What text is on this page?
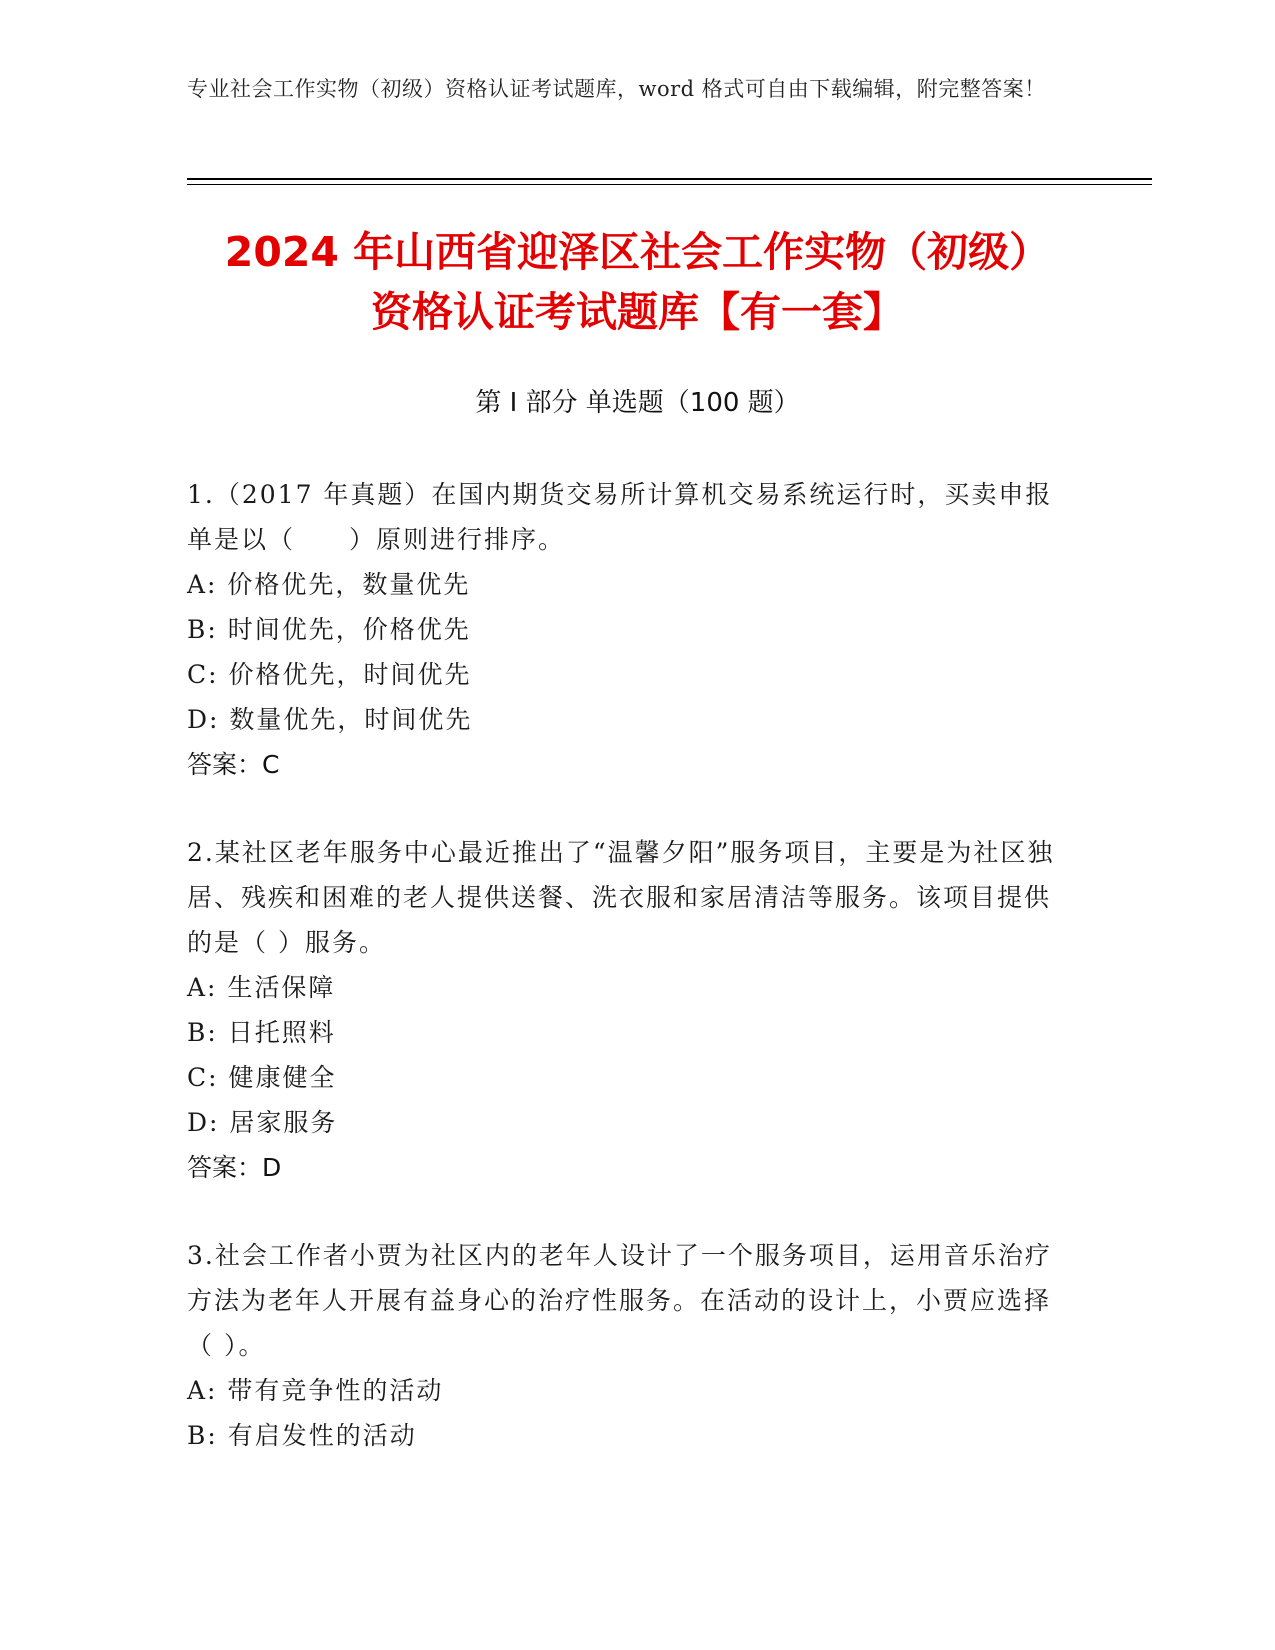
专业社会工作实物（初级）资格认证考试题库，word 格式可自由下载编辑，附完整答案！
2024 年山西省迎泽区社会工作实物（初级）
资格认证考试题库【有一套】
第 I 部分 单选题（100 题）

1.（2017 年真题）在国内期货交易所计算机交易系统运行时，买卖申报单是以（　　）原则进行排序。

A: 价格优先，数量优先

B: 时间优先，价格优先

C: 价格优先，时间优先

D: 数量优先，时间优先

答案：C

2.某社区老年服务中心最近推出了“温馨夕阳”服务项目，主要是为社区独居、残疾和困难的老人提供送餐、洗衣服和家居清洁等服务。该项目提供的是（ ）服务。

A: 生活保障

B: 日托照料

C: 健康健全

D: 居家服务

答案：D

3.社会工作者小贾为社区内的老年人设计了一个服务项目，运用音乐治疗方法为老年人开展有益身心的治疗性服务。在活动的设计上，小贾应选择（ ）。

A: 带有竞争性的活动

B: 有启发性的活动
